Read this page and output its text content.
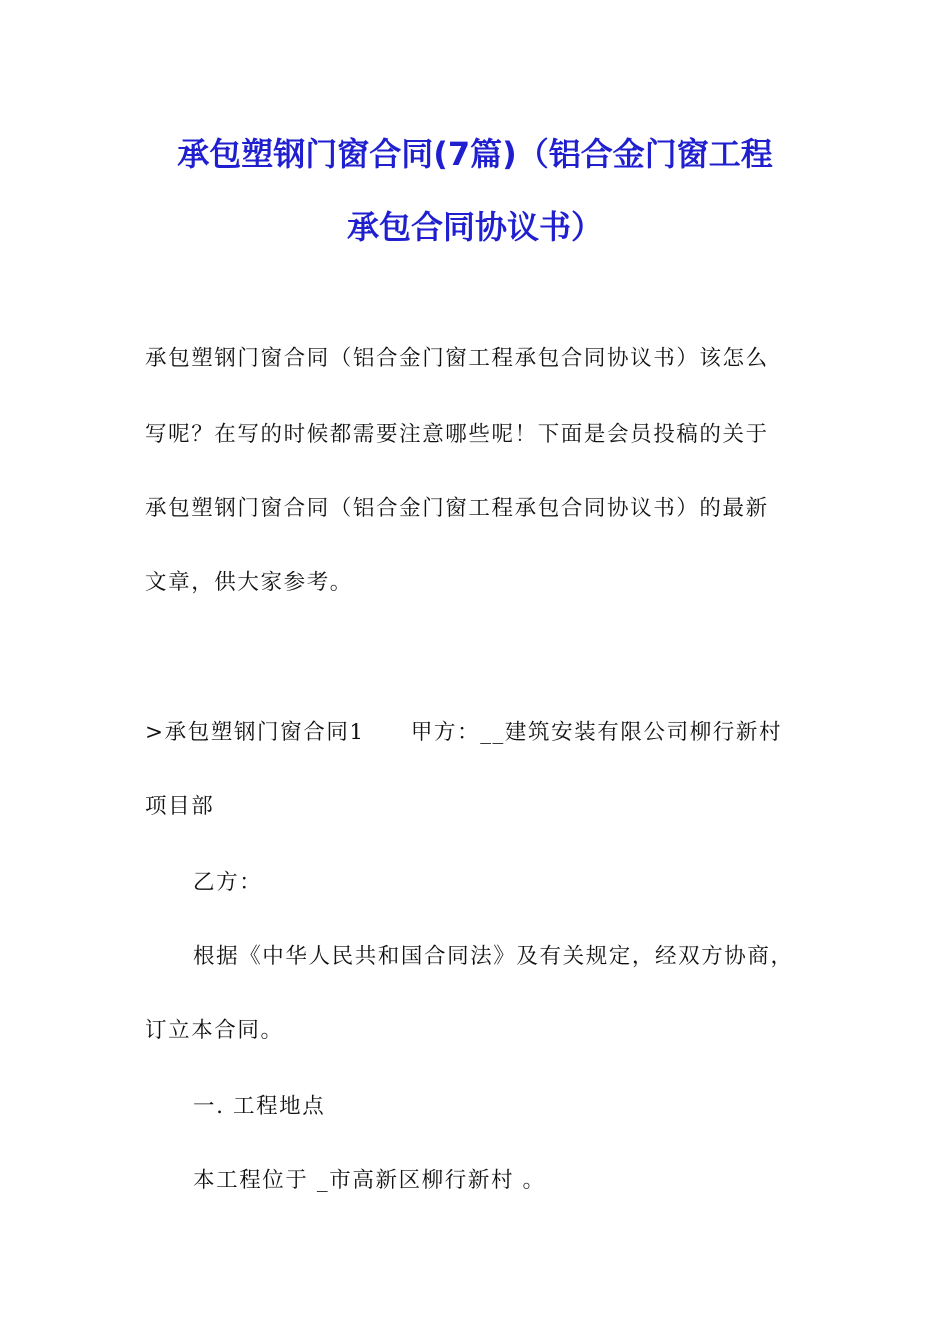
承包塑钢门窗合同(7篇)（铝合金门窗工程
承包合同协议书）
承包塑钢门窗合同（铝合金门窗工程承包合同协议书）该怎么
写呢？在写的时候都需要注意哪些呢！下面是会员投稿的关于
承包塑钢门窗合同（铝合金门窗工程承包合同协议书）的最新
文章，供大家参考。
>承包塑钢门窗合同1　　甲方：__建筑安装有限公司柳行新村
项目部
乙方：
根据《中华人民共和国合同法》及有关规定，经双方协商，
订立本合同。
一. 工程地点
本工程位于 _市高新区柳行新村 。
